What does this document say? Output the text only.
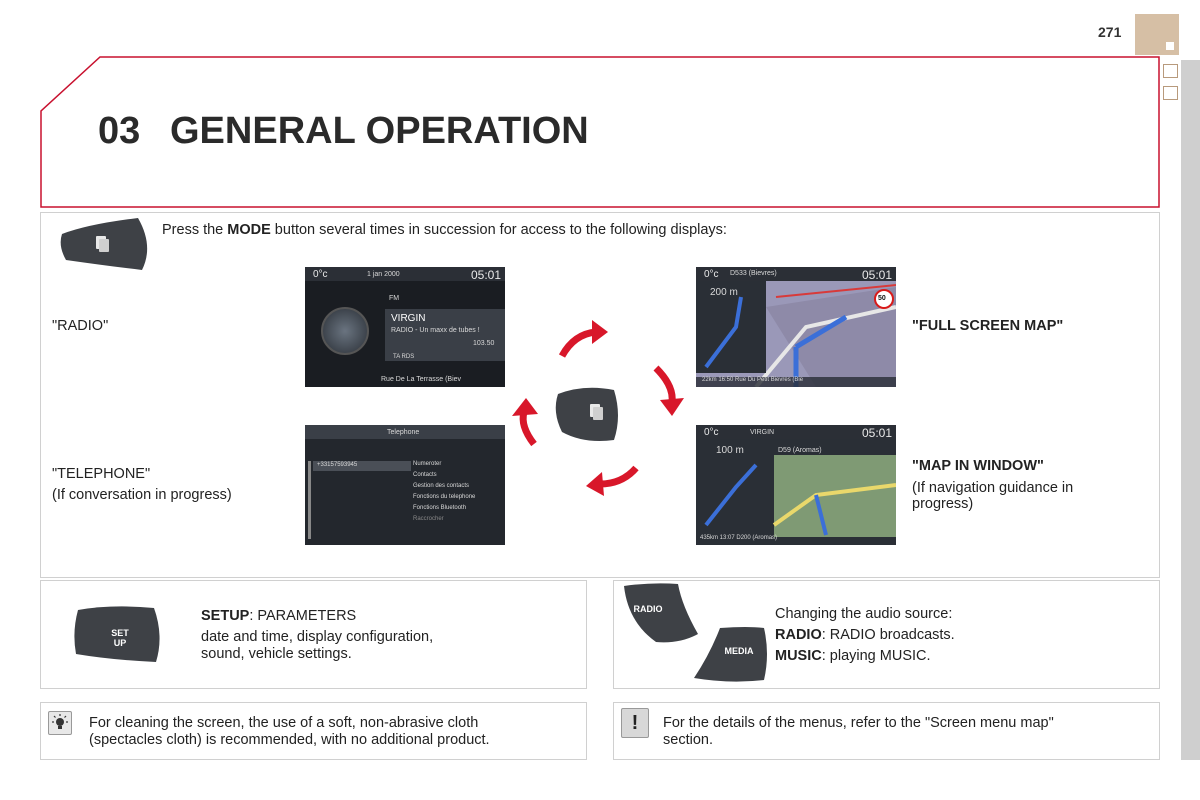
271
03 GENERAL OPERATION
Press the MODE button several times in succession for access to the following displays:
"RADIO"	"FULL SCREEN MAP"
"TELEPHONE"
(If conversation in progress)
"MAP IN WINDOW"
(If navigation guidance in progress)
0°c	1 jan 2000	05:01
FM
VIRGIN
RADIO - Un maxx de tubes !
103.50
TA RDS
Rue De La Terrasse (Biev
0°c D533 (Bievres)	05:01
200 m
50
22km 16:50 Rue Du Petit Bievres (Bie
Telephone
+33157593945	Numeroter
Contacts
Gestion des contacts
Fonctions du telephone
Fonctions Bluetooth
Raccrocher
0°c	VIRGIN	05:01
100 m	D59 (Aromas)
435km 13:07 D200 (Aromas)
SET
UP
SETUP: PARAMETERS
date and time, display configuration,
sound, vehicle settings.
RADIO
MEDIA
Changing the audio source:
RADIO: RADIO broadcasts.
MUSIC: playing MUSIC.
For cleaning the screen, the use of a soft, non-abrasive cloth
(spectacles cloth) is recommended, with no additional product.
!	For the details of the menus, refer to the "Screen menu map"
section.
